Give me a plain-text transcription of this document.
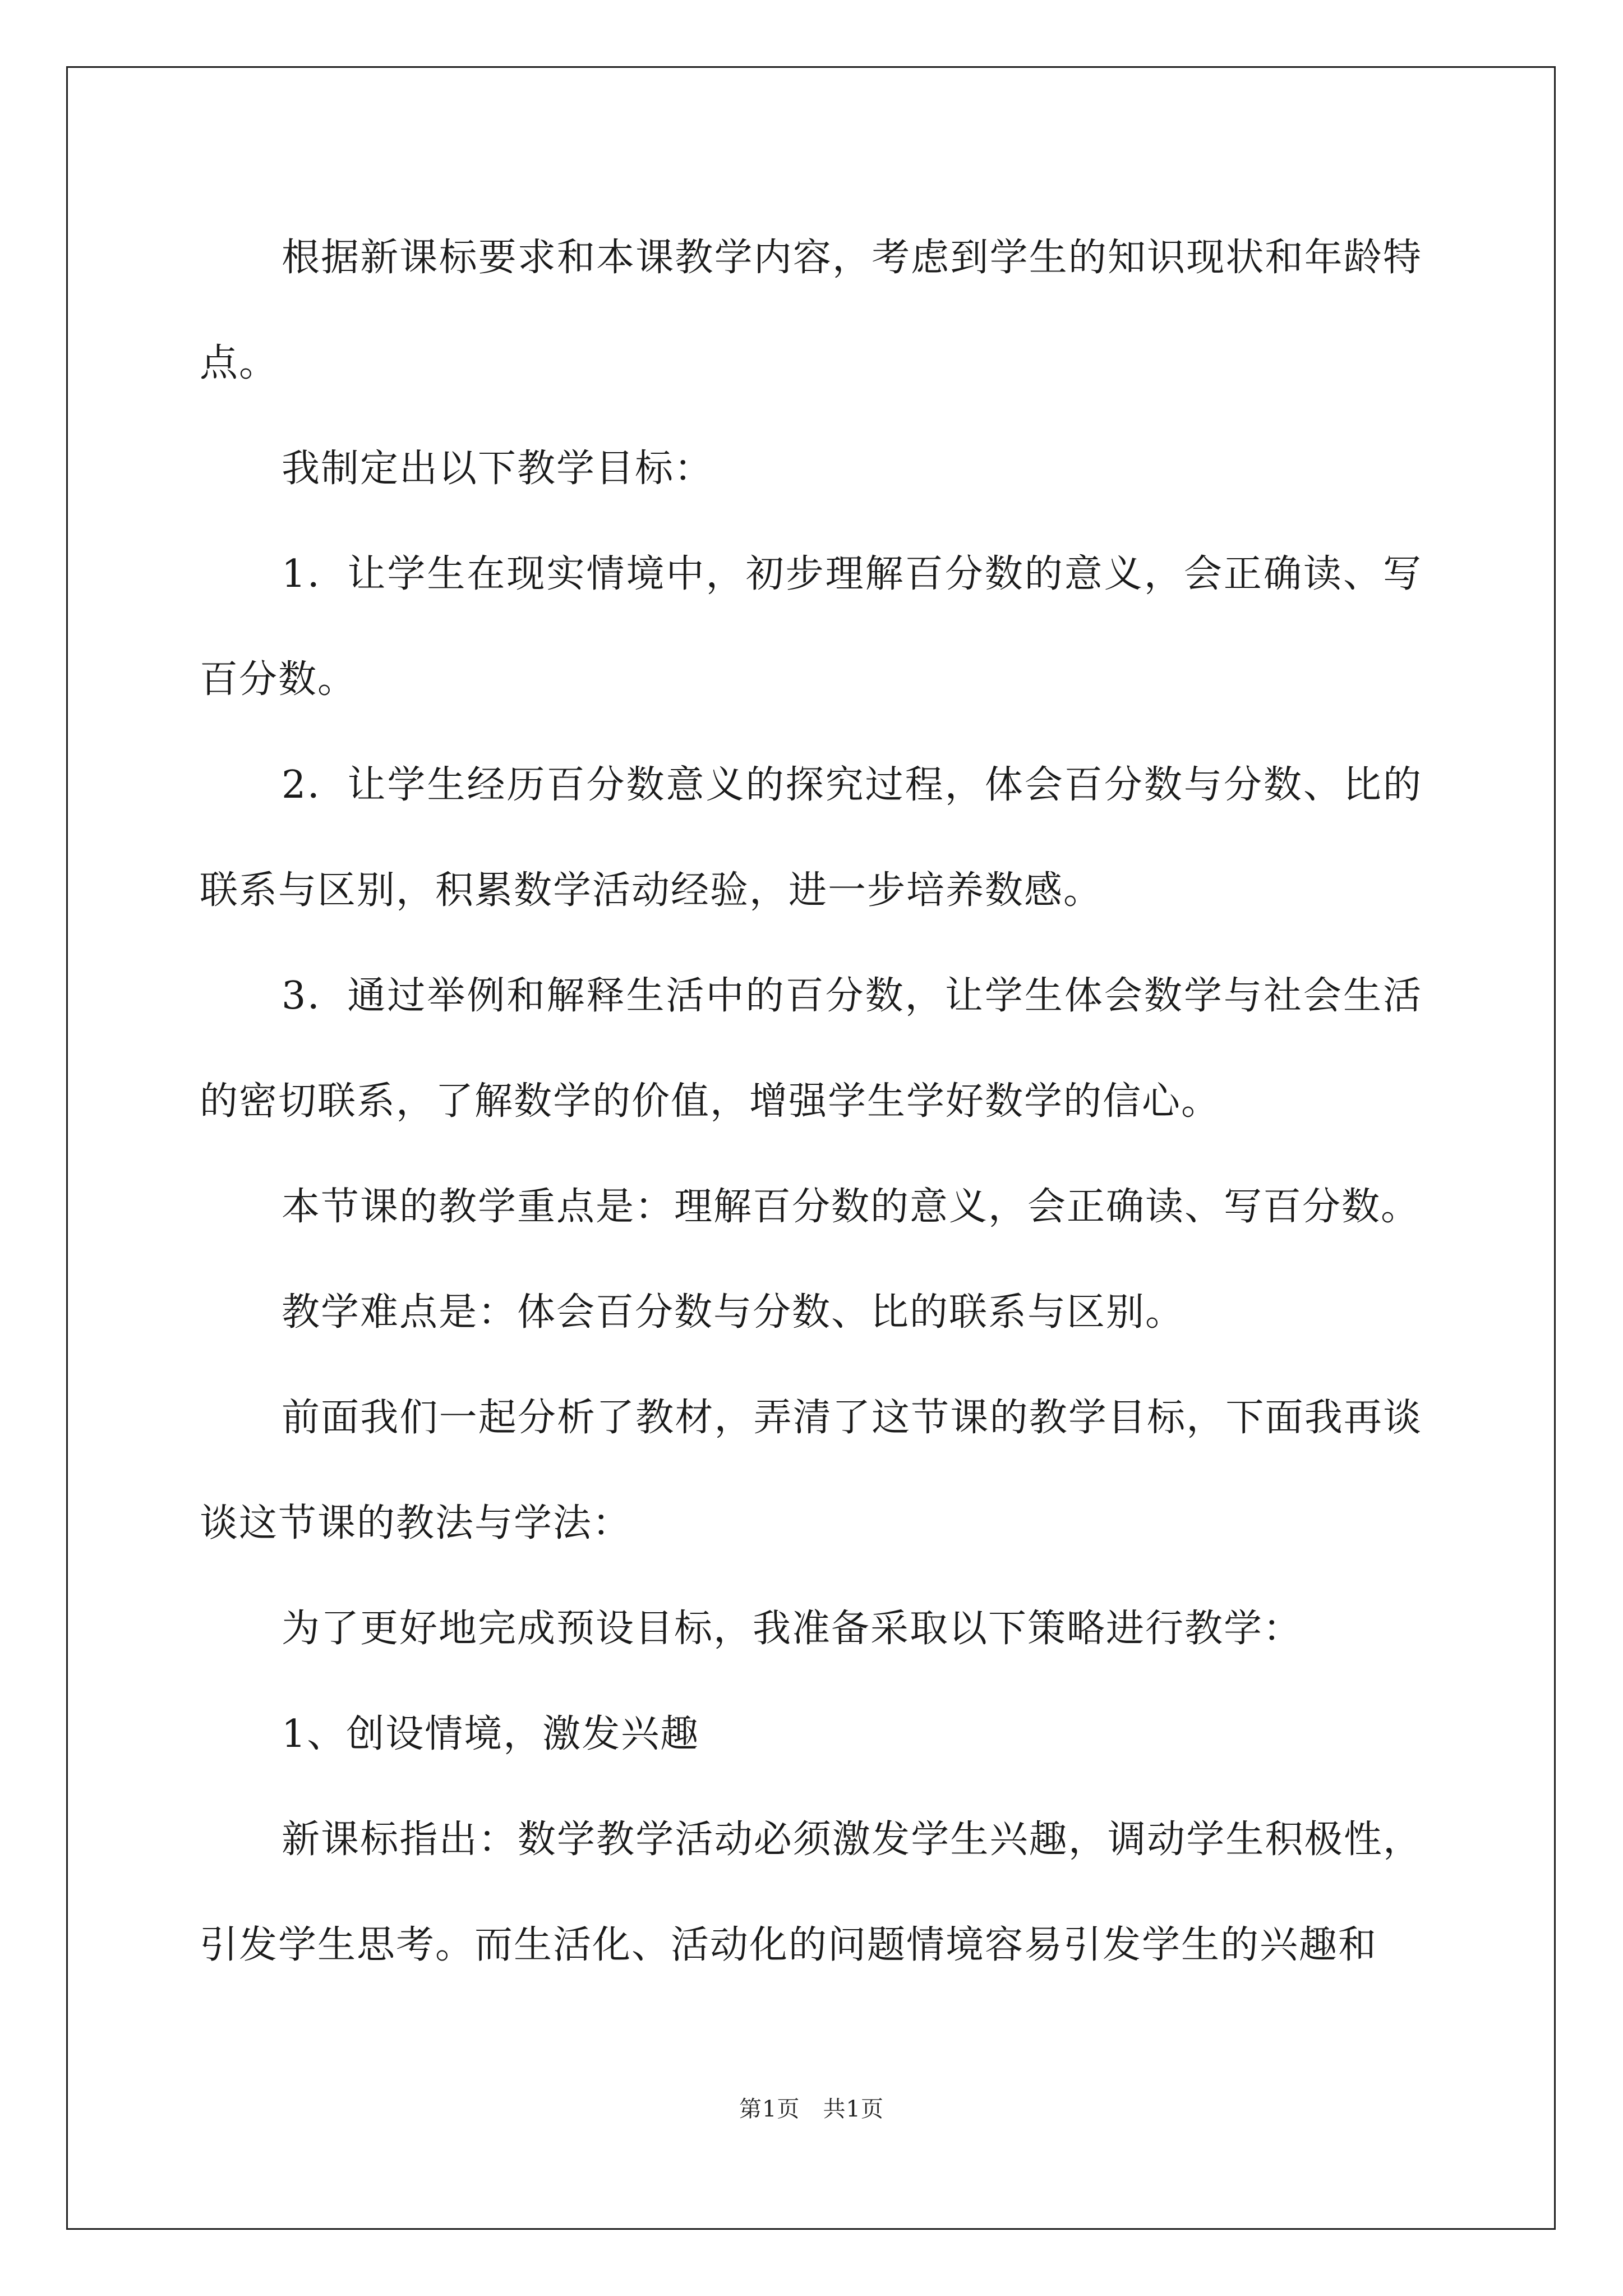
根据新课标要求和本课教学内容，考虑到学生的知识现状和年龄特点。

我制定出以下教学目标：

1．让学生在现实情境中，初步理解百分数的意义，会正确读、写百分数。

2．让学生经历百分数意义的探究过程，体会百分数与分数、比的联系与区别，积累数学活动经验，进一步培养数感。

3．通过举例和解释生活中的百分数，让学生体会数学与社会生活的密切联系，了解数学的价值，增强学生学好数学的信心。

本节课的教学重点是：理解百分数的意义，会正确读、写百分数。

教学难点是：体会百分数与分数、比的联系与区别。

前面我们一起分析了教材，弄清了这节课的教学目标，下面我再谈谈这节课的教法与学法：

为了更好地完成预设目标，我准备采取以下策略进行教学：

1、创设情境，激发兴趣

新课标指出：数学教学活动必须激发学生兴趣，调动学生积极性，引发学生思考。而生活化、活动化的问题情境容易引发学生的兴趣和

第1页   共1页
